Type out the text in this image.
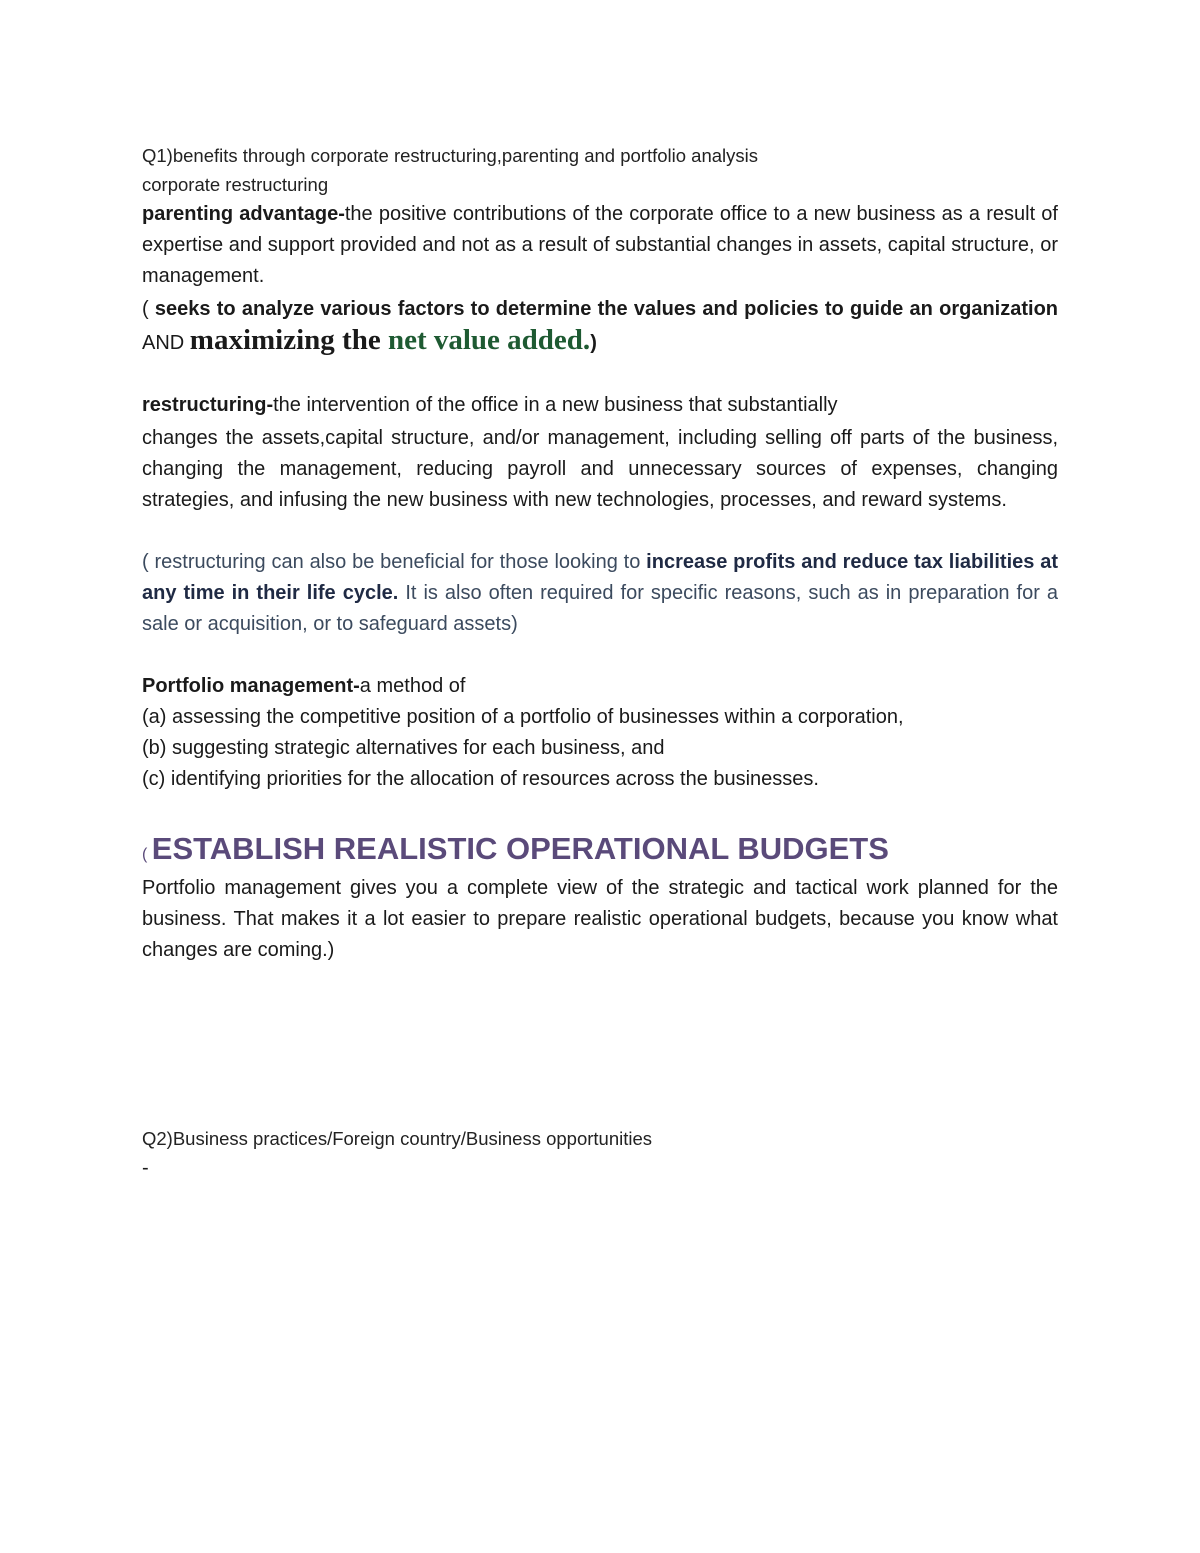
Q1)benefits through corporate restructuring,parenting and portfolio analysis

corporate restructuring

parenting advantage-the positive contributions of the corporate office to a new business as a result of expertise and support provided and not as a result of substantial changes in assets, capital structure, or management.

( seeks to analyze various factors to determine the values and policies to guide an organization AND maximizing the net value added.)

restructuring-the intervention of the office in a new business that substantially

changes the assets,capital structure, and/or management, including selling off parts of the business, changing the management, reducing payroll and unnecessary sources of expenses, changing strategies, and infusing the new business with new technologies, processes, and reward systems.

( restructuring can also be beneficial for those looking to increase profits and reduce tax liabilities at any time in their life cycle. It is also often required for specific reasons, such as in preparation for a sale or acquisition, or to safeguard assets)

Portfolio management-a method of

(a) assessing the competitive position of a portfolio of businesses within a corporation,

(b) suggesting strategic alternatives for each business, and

(c) identifying priorities for the allocation of resources across the businesses.

( ESTABLISH REALISTIC OPERATIONAL BUDGETS

Portfolio management gives you a complete view of the strategic and tactical work planned for the business. That makes it a lot easier to prepare realistic operational budgets, because you know what changes are coming.)

Q2)Business practices/Foreign country/Business opportunities

-
